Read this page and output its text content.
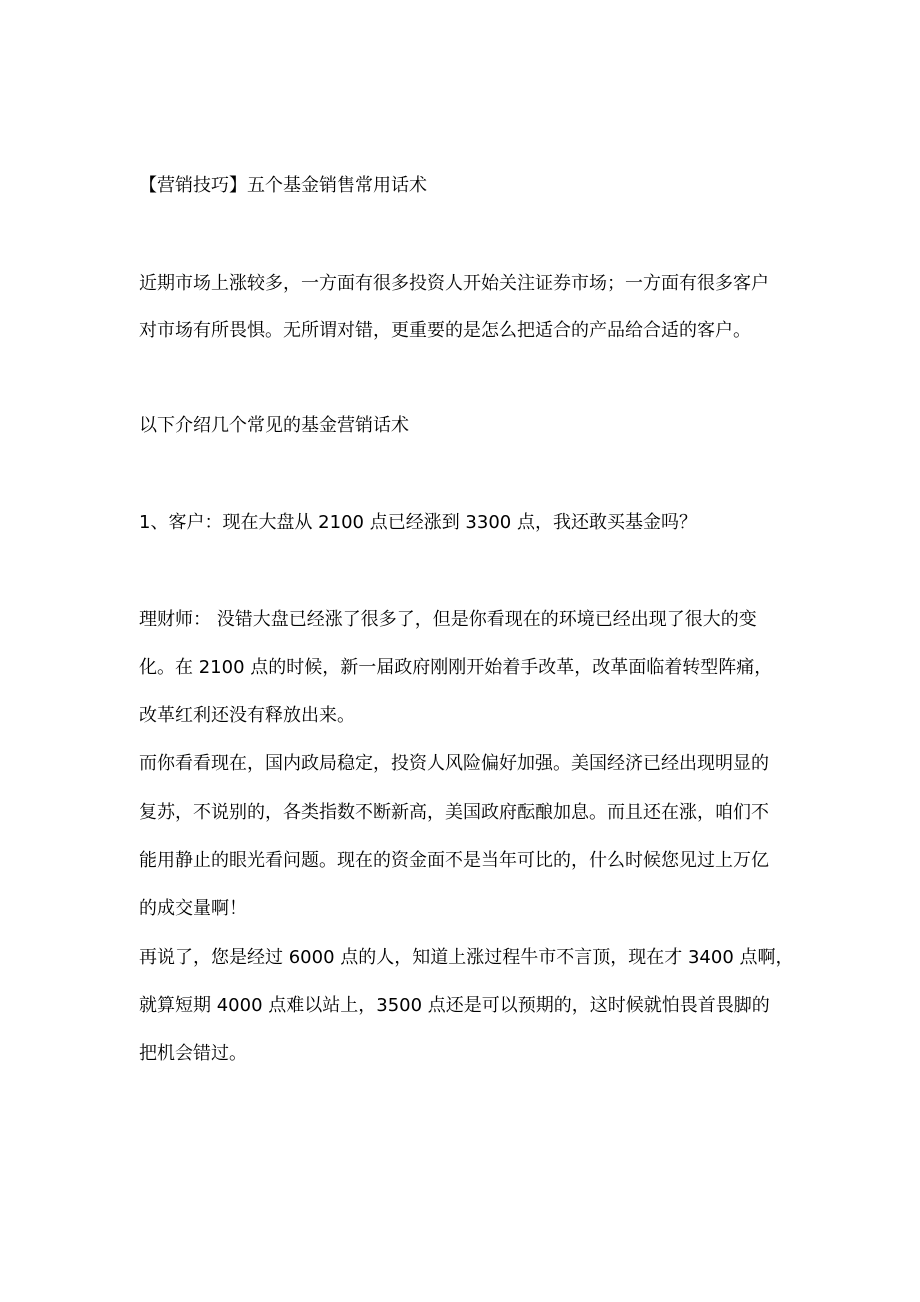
【营销技巧】五个基金销售常用话术
近期市场上涨较多，一方面有很多投资人开始关注证券市场；一方面有很多客户
对市场有所畏惧。无所谓对错，更重要的是怎么把适合的产品给合适的客户。
以下介绍几个常见的基金营销话术
1、客户：现在大盘从 2100 点已经涨到 3300 点，我还敢买基金吗？
理财师： 没错大盘已经涨了很多了，但是你看现在的环境已经出现了很大的变
化。在 2100 点的时候，新一届政府刚刚开始着手改革，改革面临着转型阵痛，
改革红利还没有释放出来。
而你看看现在，国内政局稳定，投资人风险偏好加强。美国经济已经出现明显的
复苏，不说别的，各类指数不断新高，美国政府酝酿加息。而且还在涨，咱们不
能用静止的眼光看问题。现在的资金面不是当年可比的，什么时候您见过上万亿
的成交量啊！
再说了，您是经过 6000 点的人，知道上涨过程牛市不言顶，现在才 3400 点啊，
就算短期 4000 点难以站上，3500 点还是可以预期的，这时候就怕畏首畏脚的
把机会错过。
